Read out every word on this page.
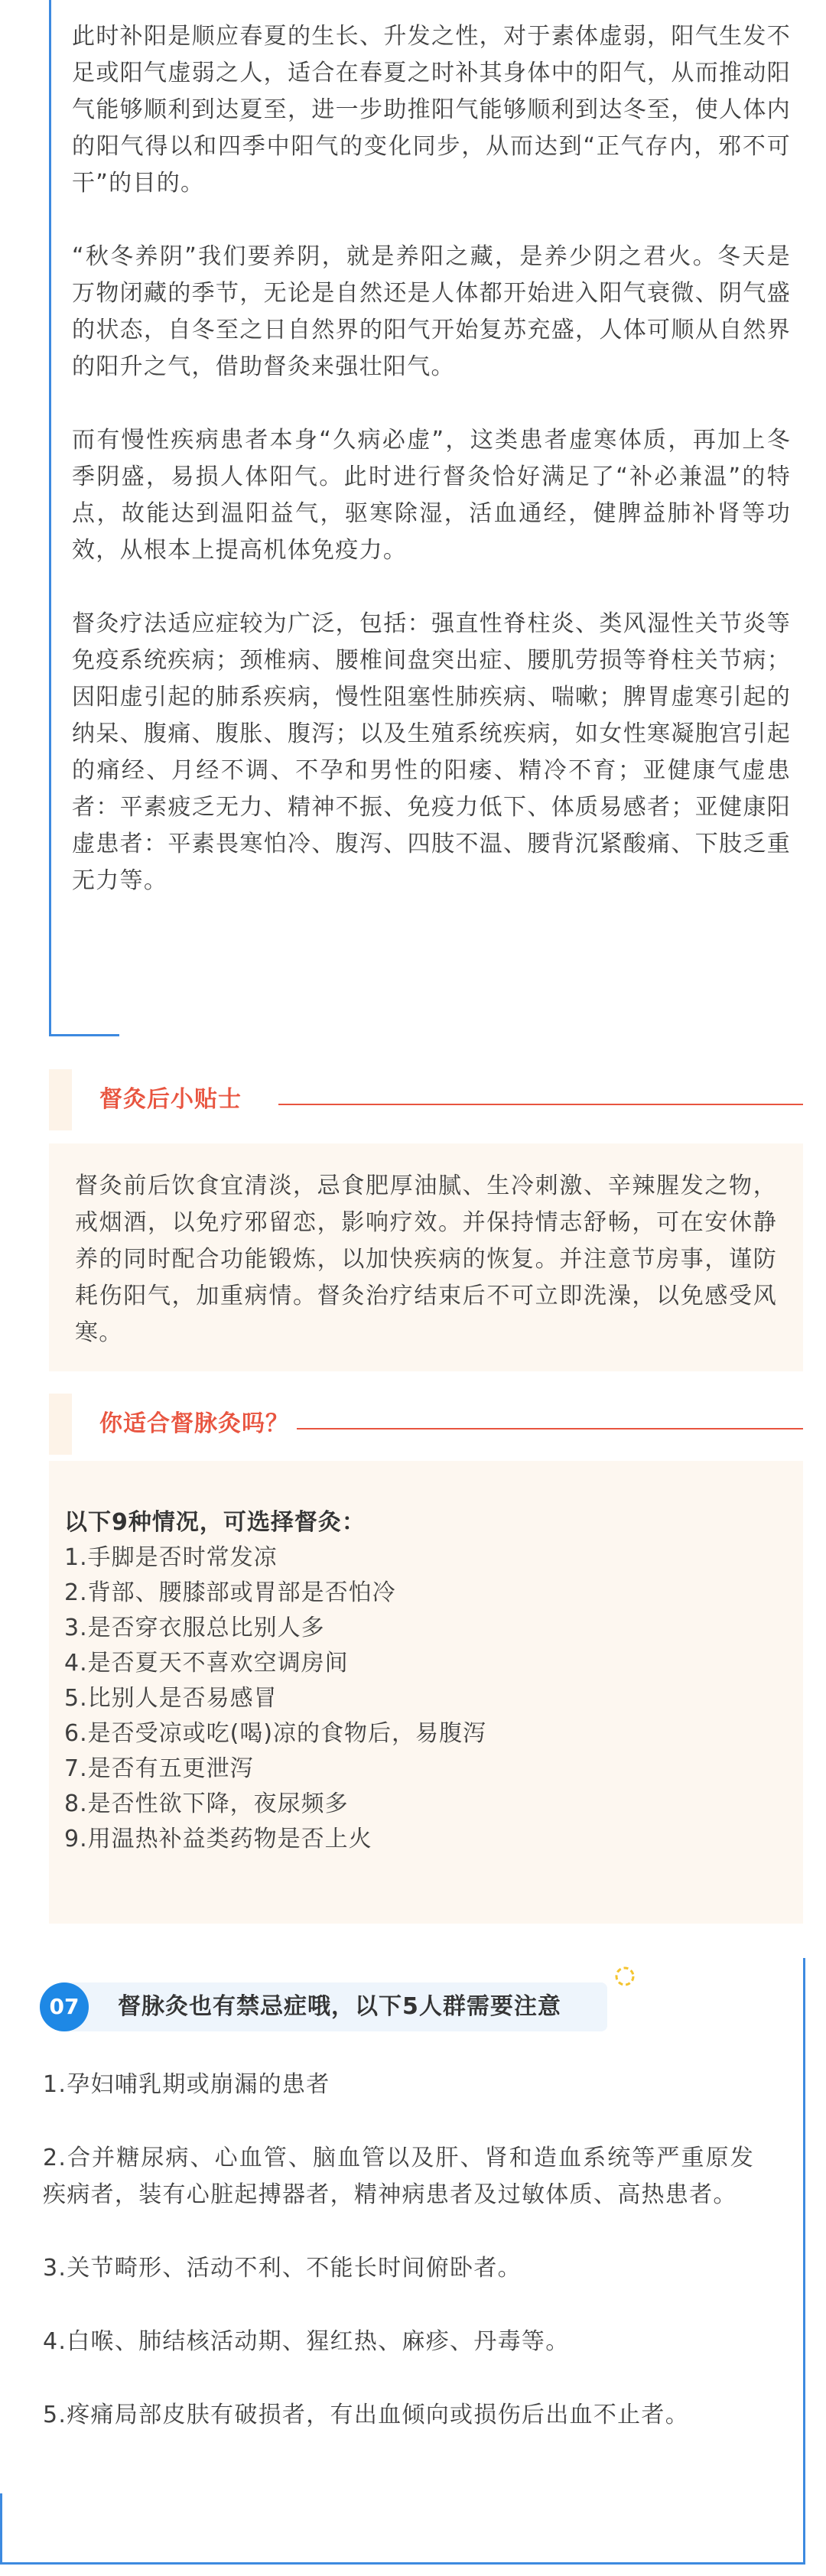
此时补阳是顺应春夏的生长、升发之性，对于素体虚弱，阳气生发不足或阳气虚弱之人，适合在春夏之时补其身体中的阳气，从而推动阳气能够顺利到达夏至，进一步助推阳气能够顺利到达冬至，使人体内的阳气得以和四季中阳气的变化同步，从而达到“正气存内，邪不可干”的目的。

“秋冬养阴”我们要养阴，就是养阳之藏，是养少阴之君火。冬天是万物闭藏的季节，无论是自然还是人体都开始进入阳气衰微、阴气盛的状态，自冬至之日自然界的阳气开始复苏充盛，人体可顺从自然界的阳升之气，借助督灸来强壮阳气。

而有慢性疾病患者本身“久病必虚”，这类患者虚寒体质，再加上冬季阴盛，易损人体阳气。此时进行督灸恰好满足了“补必兼温”的特点，故能达到温阳益气，驱寒除湿，活血通经，健脾益肺补肾等功效，从根本上提高机体免疫力。

督灸疗法适应症较为广泛，包括：强直性脊柱炎、类风湿性关节炎等免疫系统疾病；颈椎病、腰椎间盘突出症、腰肌劳损等脊柱关节病；因阳虚引起的肺系疾病，慢性阻塞性肺疾病、喘嗽；脾胃虚寒引起的纳呆、腹痛、腹胀、腹泻；以及生殖系统疾病，如女性寒凝胞宫引起的痛经、月经不调、不孕和男性的阳痿、精冷不育；亚健康气虚患者：平素疲乏无力、精神不振、免疫力低下、体质易感者；亚健康阳虚患者：平素畏寒怕冷、腹泻、四肢不温、腰背沉紧酸痛、下肢乏重无力等。

督灸后小贴士

督灸前后饮食宜清淡，忌食肥厚油腻、生冷刺激、辛辣腥发之物，戒烟酒，以免疗邪留恋，影响疗效。并保持情志舒畅，可在安休静养的同时配合功能锻炼，以加快疾病的恢复。并注意节房事，谨防耗伤阳气，加重病情。督灸治疗结束后不可立即洗澡，以免感受风寒。

你适合督脉灸吗？
以下9种情况，可选择督灸：
1.手脚是否时常发凉
2.背部、腰膝部或胃部是否怕冷
3.是否穿衣服总比别人多
4.是否夏天不喜欢空调房间
5.比别人是否易感冒
6.是否受凉或吃(喝)凉的食物后，易腹泻
7.是否有五更泄泻
8.是否性欲下降，夜尿频多
9.用温热补益类药物是否上火
07	督脉灸也有禁忌症哦，以下5人群需要注意

1.孕妇哺乳期或崩漏的患者

2.合并糖尿病、心血管、脑血管以及肝、肾和造血系统等严重原发疾病者，装有心脏起搏器者，精神病患者及过敏体质、高热患者。

3.关节畸形、活动不利、不能长时间俯卧者。

4.白喉、肺结核活动期、猩红热、麻疹、丹毒等。

5.疼痛局部皮肤有破损者，有出血倾向或损伤后出血不止者。
